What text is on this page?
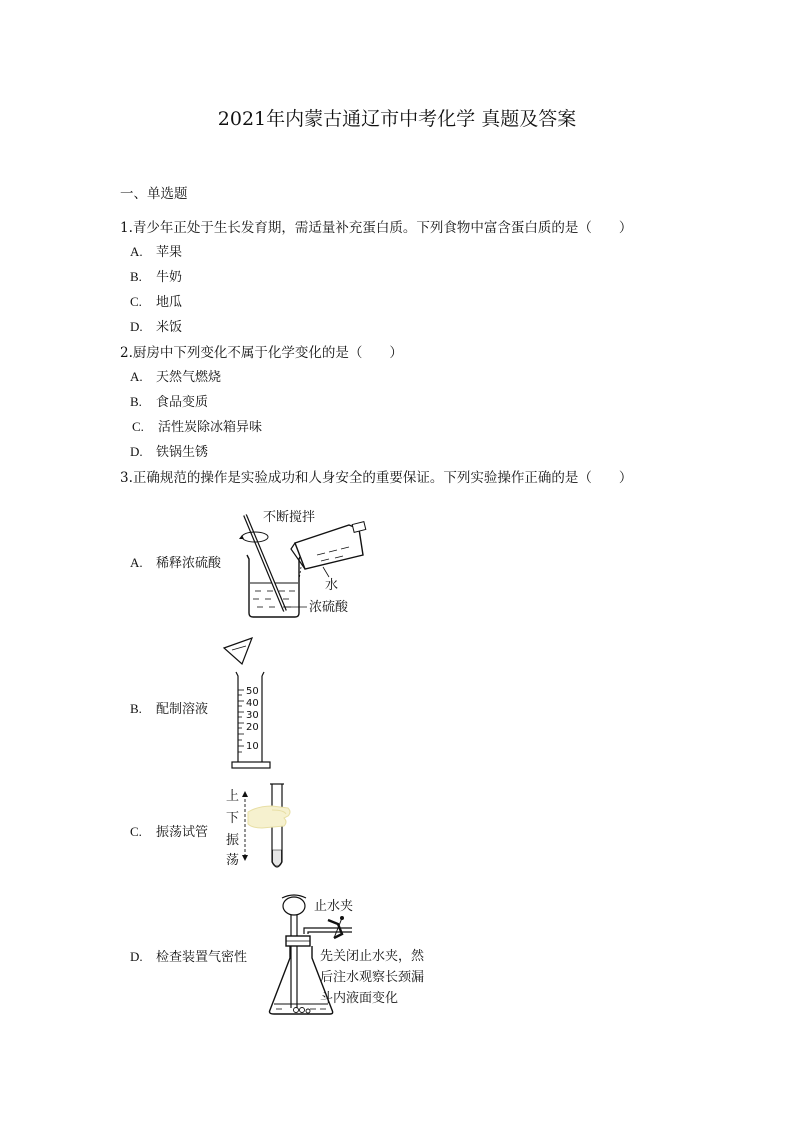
2021年内蒙古通辽市中考化学 真题及答案
一、单选题
1.青少年正处于生长发育期，需适量补充蛋白质。下列食物中富含蛋白质的是（　　）
A. 苹果
B. 牛奶
C. 地瓜
D. 米饭
2.厨房中下列变化不属于化学变化的是（　　）
A. 天然气燃烧
B. 食品变质
C. 活性炭除冰箱异味
D. 铁锅生锈
3.正确规范的操作是实验成功和人身安全的重要保证。下列实验操作正确的是（　　）
A. 稀释浓硫酸
B. 配制溶液
C. 振荡试管
D. 检查装置气密性
不断搅拌
水
浓硫酸
50
40
30
20
10
上
下
振
荡
止水夹
先关闭止水夹，然
后注水观察长颈漏
斗内液面变化
